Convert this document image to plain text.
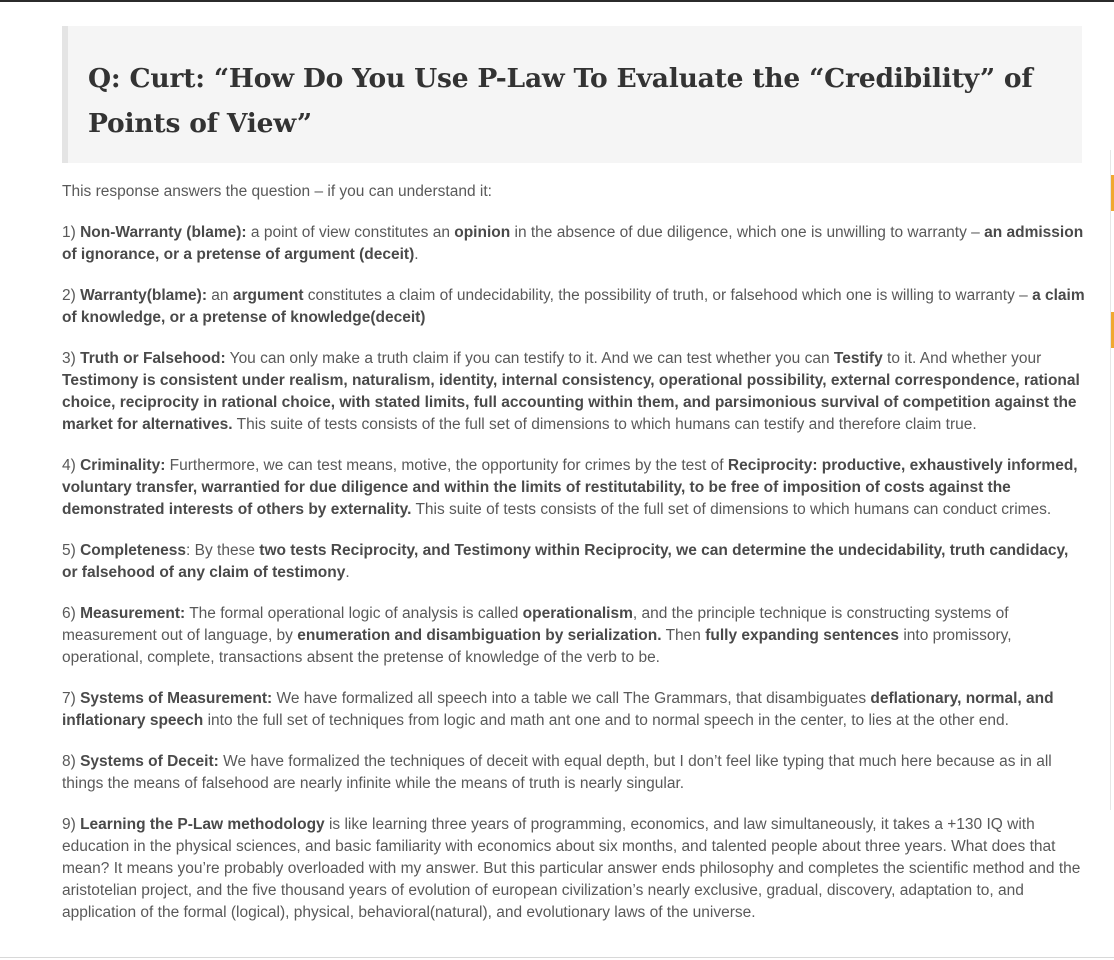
Q: Curt: “How Do You Use P-Law To Evaluate the “Credibility” of Points of View”

This response answers the question – if you can understand it:

1) Non-Warranty (blame): a point of view constitutes an opinion in the absence of due diligence, which one is unwilling to warranty – an admission of ignorance, or a pretense of argument (deceit).

2) Warranty(blame): an argument constitutes a claim of undecidability, the possibility of truth, or falsehood which one is willing to warranty – a claim of knowledge, or a pretense of knowledge(deceit)

3) Truth or Falsehood: You can only make a truth claim if you can testify to it. And we can test whether you can Testify to it. And whether your Testimony is consistent under realism, naturalism, identity, internal consistency, operational possibility, external correspondence, rational choice, reciprocity in rational choice, with stated limits, full accounting within them, and parsimonious survival of competition against the market for alternatives. This suite of tests consists of the full set of dimensions to which humans can testify and therefore claim true.

4) Criminality: Furthermore, we can test means, motive, the opportunity for crimes by the test of Reciprocity: productive, exhaustively informed, voluntary transfer, warrantied for due diligence and within the limits of restitutability, to be free of imposition of costs against the demonstrated interests of others by externality. This suite of tests consists of the full set of dimensions to which humans can conduct crimes.

5) Completeness: By these two tests Reciprocity, and Testimony within Reciprocity, we can determine the undecidability, truth candidacy, or falsehood of any claim of testimony.

6) Measurement: The formal operational logic of analysis is called operationalism, and the principle technique is constructing systems of measurement out of language, by enumeration and disambiguation by serialization. Then fully expanding sentences into promissory, operational, complete, transactions absent the pretense of knowledge of the verb to be.

7) Systems of Measurement: We have formalized all speech into a table we call The Grammars, that disambiguates deflationary, normal, and inflationary speech into the full set of techniques from logic and math ant one and to normal speech in the center, to lies at the other end.

8) Systems of Deceit: We have formalized the techniques of deceit with equal depth, but I don’t feel like typing that much here because as in all things the means of falsehood are nearly infinite while the means of truth is nearly singular.

9) Learning the P-Law methodology is like learning three years of programming, economics, and law simultaneously, it takes a +130 IQ with education in the physical sciences, and basic familiarity with economics about six months, and talented people about three years. What does that mean? It means you’re probably overloaded with my answer. But this particular answer ends philosophy and completes the scientific method and the aristotelian project, and the five thousand years of evolution of european civilization’s nearly exclusive, gradual, discovery, adaptation to, and application of the formal (logical), physical, behavioral(natural), and evolutionary laws of the universe.
